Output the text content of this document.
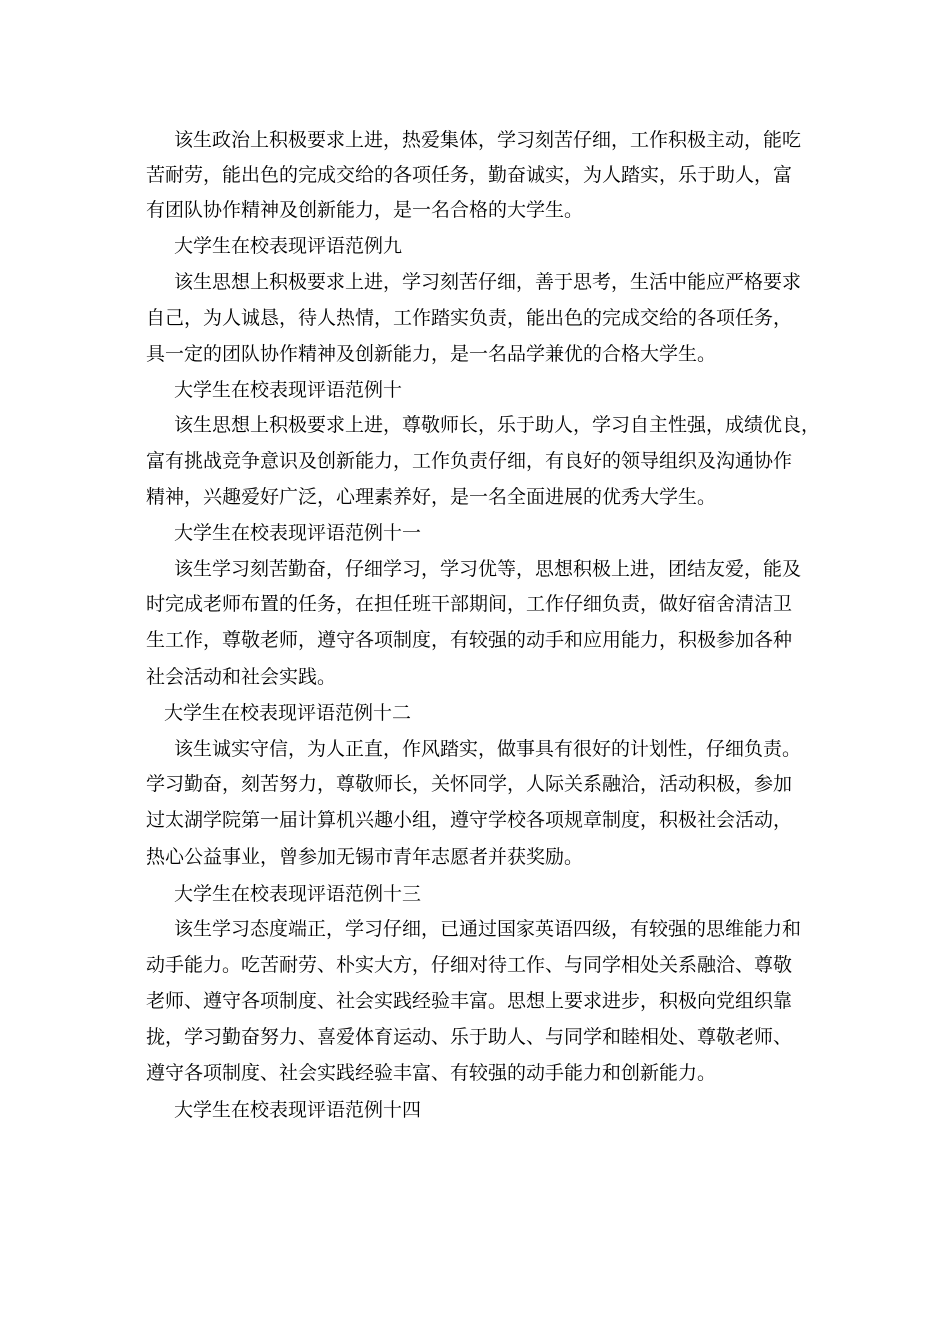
该生政治上积极要求上进，热爱集体，学习刻苦仔细，工作积极主动，能吃
苦耐劳，能出色的完成交给的各项任务，勤奋诚实，为人踏实，乐于助人，富
有团队协作精神及创新能力，是一名合格的大学生。
大学生在校表现评语范例九
该生思想上积极要求上进，学习刻苦仔细，善于思考，生活中能应严格要求
自己，为人诚恳，待人热情，工作踏实负责，能出色的完成交给的各项任务，
具一定的团队协作精神及创新能力，是一名品学兼优的合格大学生。
大学生在校表现评语范例十
该生思想上积极要求上进，尊敬师长，乐于助人，学习自主性强，成绩优良，
富有挑战竞争意识及创新能力，工作负责仔细，有良好的领导组织及沟通协作
精神，兴趣爱好广泛，心理素养好，是一名全面进展的优秀大学生。
大学生在校表现评语范例十一
该生学习刻苦勤奋，仔细学习，学习优等，思想积极上进，团结友爱，能及
时完成老师布置的任务，在担任班干部期间，工作仔细负责，做好宿舍清洁卫
生工作，尊敬老师，遵守各项制度，有较强的动手和应用能力，积极参加各种
社会活动和社会实践。
大学生在校表现评语范例十二
该生诚实守信，为人正直，作风踏实，做事具有很好的计划性，仔细负责。
学习勤奋，刻苦努力，尊敬师长，关怀同学，人际关系融洽，活动积极，参加
过太湖学院第一届计算机兴趣小组，遵守学校各项规章制度，积极社会活动，
热心公益事业，曾参加无锡市青年志愿者并获奖励。
大学生在校表现评语范例十三
该生学习态度端正，学习仔细，已通过国家英语四级，有较强的思维能力和
动手能力。吃苦耐劳、朴实大方，仔细对待工作、与同学相处关系融洽、尊敬
老师、遵守各项制度、社会实践经验丰富。思想上要求进步，积极向党组织靠
拢，学习勤奋努力、喜爱体育运动、乐于助人、与同学和睦相处、尊敬老师、
遵守各项制度、社会实践经验丰富、有较强的动手能力和创新能力。
大学生在校表现评语范例十四
